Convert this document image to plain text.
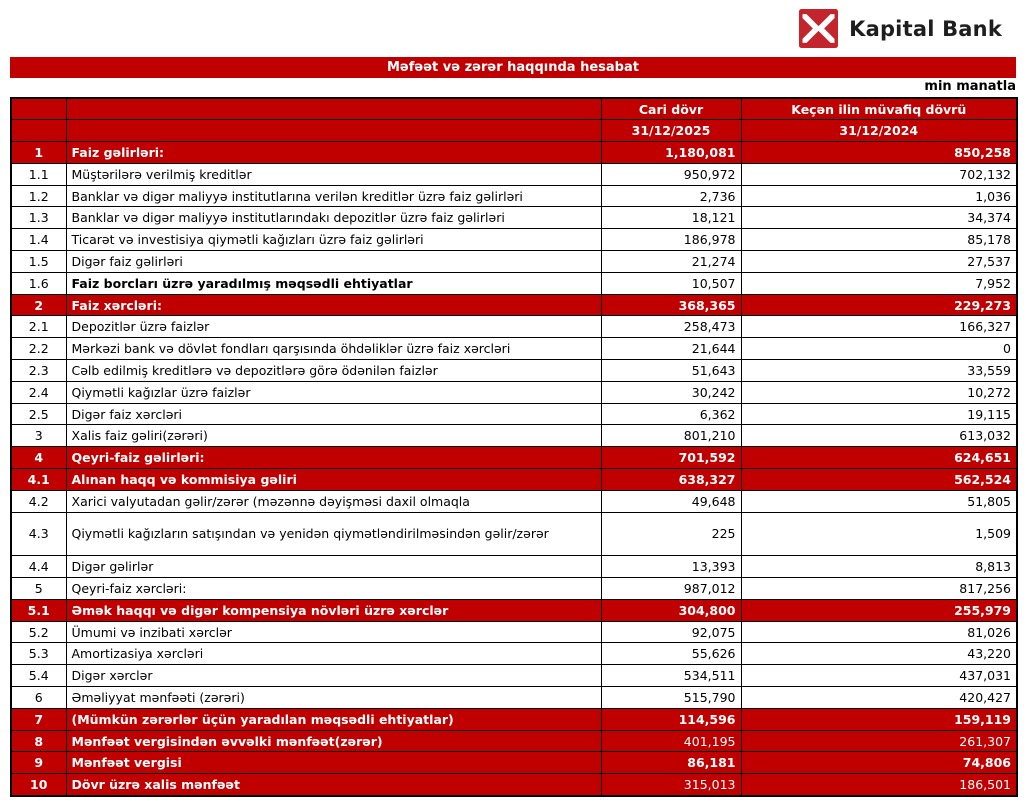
Kapital Bank
Məfəət və zərər haqqında hesabat
min manatla
		Cari dövr	Keçən ilin müvafiq dövrü
		31/12/2025	31/12/2024
1	Faiz gəlirləri:	1,180,081	850,258
1.1	Müştərilərə verilmiş kreditlər	950,972	702,132
1.2	Banklar və digər maliyyə institutlarına verilən kreditlər üzrə faiz gəlirləri	2,736	1,036
1.3	Banklar və digər maliyyə institutlarındakı depozitlər üzrə faiz gəlirləri	18,121	34,374
1.4	Ticarət və investisiya qiymətli kağızları üzrə faiz gəlirləri	186,978	85,178
1.5	Digər faiz gəlirləri	21,274	27,537
1.6	Faiz borcları üzrə yaradılmış məqsədli ehtiyatlar	10,507	7,952
2	Faiz xərcləri:	368,365	229,273
2.1	Depozitlər üzrə faizlər	258,473	166,327
2.2	Mərkəzi bank və dövlət fondları qarşısında öhdəliklər üzrə faiz xərcləri	21,644	0
2.3	Cəlb edilmiş kreditlərə və depozitlərə görə ödənilən faizlər	51,643	33,559
2.4	Qiymətli kağızlar üzrə faizlər	30,242	10,272
2.5	Digər faiz xərcləri	6,362	19,115
3	Xalis faiz gəliri(zərəri)	801,210	613,032
4	Qeyri-faiz gəlirləri:	701,592	624,651
4.1	Alınan haqq və kommisiya gəliri	638,327	562,524
4.2	Xarici valyutadan gəlir/zərər (məzənnə dəyişməsi daxil olmaqla	49,648	51,805
4.3	Qiymətli kağızların satışından və yenidən qiymətləndirilməsindən gəlir/zərər	225	1,509
4.4	Digər gəlirlər	13,393	8,813
5	Qeyri-faiz xərcləri:	987,012	817,256
5.1	Əmək haqqı və digər kompensiya növləri üzrə xərclər	304,800	255,979
5.2	Ümumi və inzibati xərclər	92,075	81,026
5.3	Amortizasiya xərcləri	55,626	43,220
5.4	Digər xərclər	534,511	437,031
6	Əməliyyat mənfəəti (zərəri)	515,790	420,427
7	(Mümkün zərərlər üçün yaradılan məqsədli ehtiyatlar)	114,596	159,119
8	Mənfəət vergisindən əvvəlki mənfəət(zərər)	401,195	261,307
9	Mənfəət vergisi	86,181	74,806
10	Dövr üzrə xalis mənfəət	315,013	186,501
